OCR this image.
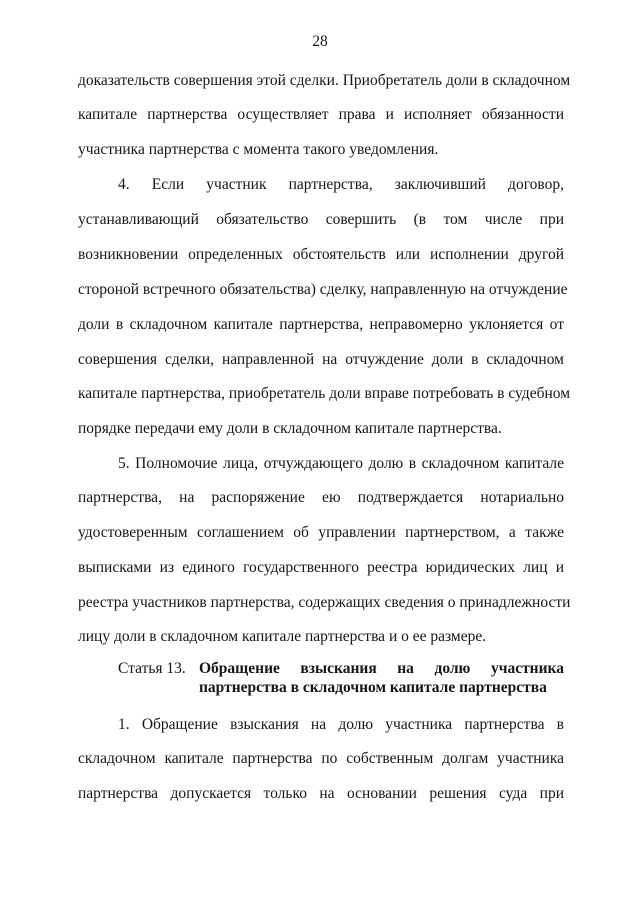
28
доказательств совершения этой сделки. Приобретатель доли в складочном
капитале партнерства осуществляет права и исполняет обязанности
участника партнерства с момента такого уведомления.
4. Если участник партнерства, заключивший договор,
устанавливающий обязательство совершить (в том числе при
возникновении определенных обстоятельств или исполнении другой
стороной встречного обязательства) сделку, направленную на отчуждение
доли в складочном капитале партнерства, неправомерно уклоняется от
совершения сделки, направленной на отчуждение доли в складочном
капитале партнерства, приобретатель доли вправе потребовать в судебном
порядке передачи ему доли в складочном капитале партнерства.
5. Полномочие лица, отчуждающего долю в складочном капитале
партнерства, на распоряжение ею подтверждается нотариально
удостоверенным соглашением об управлении партнерством, а также
выписками из единого государственного реестра юридических лиц и
реестра участников партнерства, содержащих сведения о принадлежности
лицу доли в складочном капитале партнерства и о ее размере.
Статья 13. Обращение взыскания на долю участника
партнерства в складочном капитале партнерства
1. Обращение взыскания на долю участника партнерства в
складочном капитале партнерства по собственным долгам участника
партнерства допускается только на основании решения суда при
